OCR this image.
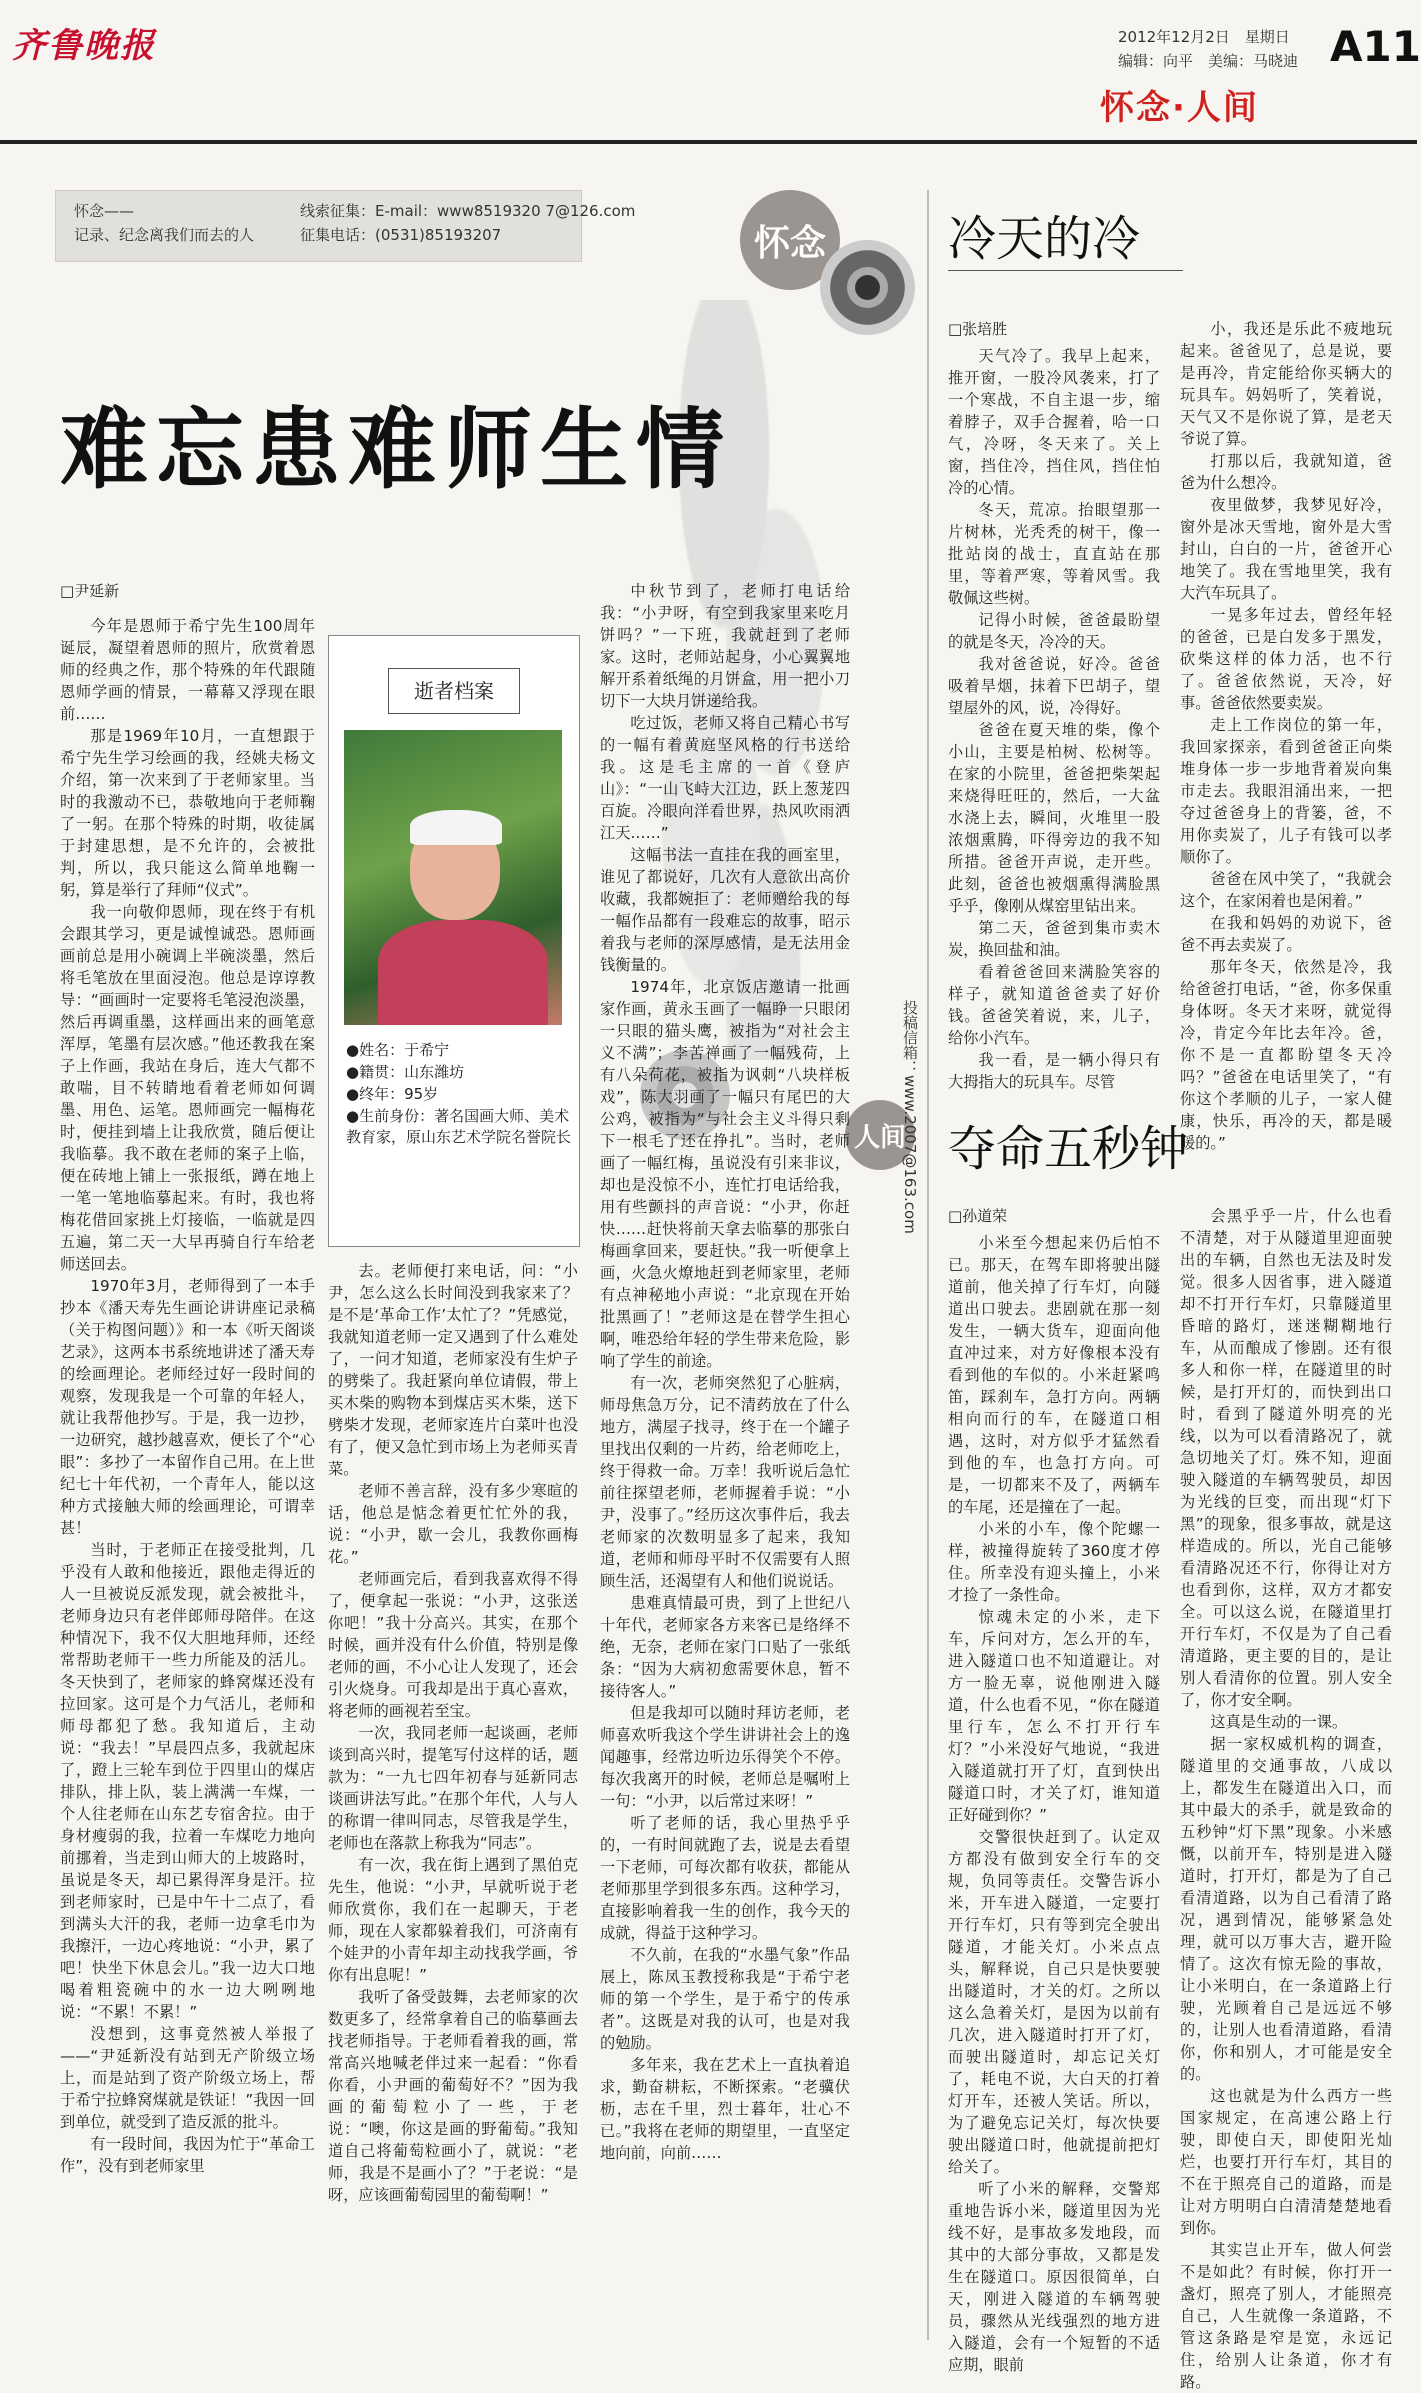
齐鲁晚报	2012年12月2日　星期日
编辑：向平　美编：马晓迪 A11
怀念·人间
怀念——
记录、纪念离我们而去的人
线索征集：E-mail：www8519320 7@126.com
征集电话：(0531)85193207	怀念
人间
投稿信箱：www.2007@163.com
难忘患难师生情
□尹延新

今年是恩师于希宁先生100周年诞辰，凝望着恩师的照片，欣赏着恩师的经典之作，那个特殊的年代跟随恩师学画的情景，一幕幕又浮现在眼前……

那是1969年10月，一直想跟于希宁先生学习绘画的我，经姚夫杨文介绍，第一次来到了于老师家里。当时的我激动不已，恭敬地向于老师鞠了一躬。在那个特殊的时期，收徒属于封建思想，是不允许的，会被批判，所以，我只能这么简单地鞠一躬，算是举行了拜师“仪式”。

我一向敬仰恩师，现在终于有机会跟其学习，更是诚惶诚恐。恩师画画前总是用小碗调上半碗淡墨，然后将毛笔放在里面浸泡。他总是谆谆教导：“画画时一定要将毛笔浸泡淡墨，然后再调重墨，这样画出来的画笔意浑厚，笔墨有层次感。”他还教我在案子上作画，我站在身后，连大气都不敢喘，目不转睛地看着老师如何调墨、用色、运笔。恩师画完一幅梅花时，便挂到墙上让我欣赏，随后便让我临摹。我不敢在老师的案子上临，便在砖地上铺上一张报纸，蹲在地上一笔一笔地临摹起来。有时，我也将梅花借回家挑上灯接临，一临就是四五遍，第二天一大早再骑自行车给老师送回去。

1970年3月，老师得到了一本手抄本《潘天寿先生画论讲讲座记录稿（关于构图问题）》和一本《听天阁谈艺录》，这两本书系统地讲述了潘天寿的绘画理论。老师经过好一段时间的观察，发现我是一个可靠的年轻人，就让我帮他抄写。于是，我一边抄，一边研究，越抄越喜欢，便长了个“心眼”：多抄了一本留作自己用。在上世纪七十年代初，一个青年人，能以这种方式接触大师的绘画理论，可谓幸甚！

当时，于老师正在接受批判，几乎没有人敢和他接近，跟他走得近的人一旦被说反派发现，就会被批斗，老师身边只有老伴郎师母陪伴。在这种情况下，我不仅大胆地拜师，还经常帮助老师干一些力所能及的活儿。冬天快到了，老师家的蜂窝煤还没有拉回家。这可是个力气活儿，老师和师母都犯了愁。我知道后，主动说：“我去！”早晨四点多，我就起床了，蹬上三轮车到位于四里山的煤店排队，排上队，装上满满一车煤，一个人往老师在山东艺专宿舍拉。由于身材瘦弱的我，拉着一车煤吃力地向前挪着，当走到山师大的上坡路时，虽说是冬天，却已累得浑身是汗。拉到老师家时，已是中午十二点了，看到满头大汗的我，老师一边拿毛巾为我擦汗，一边心疼地说：“小尹，累了吧！快坐下休息会儿。”我一边大口地喝着粗瓷碗中的水一边大咧咧地说：“不累！不累！”

没想到，这事竟然被人举报了——“尹延新没有站到无产阶级立场上，而是站到了资产阶级立场上，帮于希宁拉蜂窝煤就是铁证！”我因一回到单位，就受到了造反派的批斗。

有一段时间，我因为忙于“革命工作”，没有到老师家里

逝者档案
●姓名：于希宁
●籍贯：山东潍坊
●终年：95岁
●生前身份：著名国画大师、美术教育家，原山东艺术学院名誉院长

去。老师便打来电话，问：“小尹，怎么这么长时间没到我家来了？是不是‘革命工作’太忙了？”凭感觉，我就知道老师一定又遇到了什么难处了，一问才知道，老师家没有生炉子的劈柴了。我赶紧向单位请假，带上买木柴的购物本到煤店买木柴，送下劈柴才发现，老师家连片白菜叶也没有了，便又急忙到市场上为老师买青菜。

老师不善言辞，没有多少寒暄的话，他总是惦念着更忙忙外的我，说：“小尹，歇一会儿，我教你画梅花。”

老师画完后，看到我喜欢得不得了，便拿起一张说：“小尹，这张送你吧！”我十分高兴。其实，在那个时候，画并没有什么价值，特别是像老师的画，不小心让人发现了，还会引火烧身。可我却是出于真心喜欢，将老师的画视若至宝。

一次，我同老师一起谈画，老师谈到高兴时，提笔写付这样的话，题款为：“一九七四年初春与延新同志谈画讲法写此。”在那个年代，人与人的称谓一律叫同志，尽管我是学生，老师也在落款上称我为“同志”。

有一次，我在街上遇到了黑伯克先生，他说：“小尹，早就听说于老师欣赏你，我们在一起聊天，于老师，现在人家都躲着我们，可济南有个娃尹的小青年却主动找我学画，爷你有出息呢！”

我听了备受鼓舞，去老师家的次数更多了，经常拿着自己的临摹画去找老师指导。于老师看着我的画，常常高兴地喊老伴过来一起看：“你看你看，小尹画的葡萄好不？”因为我画的葡萄粒小了一些，于老说：“噢，你这是画的野葡萄。”我知道自己将葡萄粒画小了，就说：“老师，我是不是画小了？”于老说：“是呀，应该画葡萄园里的葡萄啊！”

中秋节到了，老师打电话给我：“小尹呀，有空到我家里来吃月饼吗？”一下班，我就赶到了老师家。这时，老师站起身，小心翼翼地解开系着纸绳的月饼盒，用一把小刀切下一大块月饼递给我。

吃过饭，老师又将自己精心书写的一幅有着黄庭坚风格的行书送给我。这是毛主席的一首《登庐山》：“一山飞峙大江边，跃上葱茏四百旋。冷眼向洋看世界，热风吹雨洒江天……”

这幅书法一直挂在我的画室里，谁见了都说好，几次有人意欲出高价收藏，我都婉拒了：老师赠给我的每一幅作品都有一段难忘的故事，昭示着我与老师的深厚感情，是无法用金钱衡量的。

1974年，北京饭店邀请一批画家作画，黄永玉画了一幅睁一只眼闭一只眼的猫头鹰，被指为“对社会主义不满”；李苦禅画了一幅残荷，上有八朵荷花，被指为讽刺“八块样板戏”，陈大羽画了一幅只有尾巴的大公鸡，被指为“与社会主义斗得只剩下一根毛了还在挣扎”。当时，老师画了一幅红梅，虽说没有引来非议，却也是没惊不小，连忙打电话给我，用有些颤抖的声音说：“小尹，你赶快……赶快将前天拿去临摹的那张白梅画拿回来，要赶快。”我一听便拿上画，火急火燎地赶到老师家里，老师有点神秘地小声说：“北京现在开始批黑画了！”老师这是在替学生担心啊，唯恐给年轻的学生带来危险，影响了学生的前途。

有一次，老师突然犯了心脏病，师母焦急万分，记不清药放在了什么地方，满屋子找寻，终于在一个罐子里找出仅剩的一片药，给老师吃上，终于得救一命。万幸！我听说后急忙前往探望老师，老师握着手说：“小尹，没事了。”经历这次事件后，我去老师家的次数明显多了起来，我知道，老师和师母平时不仅需要有人照顾生活，还渴望有人和他们说说话。

患难真情最可贵，到了上世纪八十年代，老师家各方来客已是络绎不绝，无奈，老师在家门口贴了一张纸条：“因为大病初愈需要休息，暂不接待客人。”

但是我却可以随时拜访老师，老师喜欢听我这个学生讲讲社会上的逸闻趣事，经常边听边乐得笑个不停。每次我离开的时候，老师总是嘱咐上一句：“小尹，以后常过来呀！”

听了老师的话，我心里热乎乎的，一有时间就跑了去，说是去看望一下老师，可每次都有收获，都能从老师那里学到很多东西。这种学习，直接影响着我一生的创作，我今天的成就，得益于这种学习。

不久前，在我的“水墨气象”作品展上，陈凤玉教授称我是“于希宁老师的第一个学生，是于希宁的传承者”。这既是对我的认可，也是对我的勉励。

多年来，我在艺术上一直执着追求，勤奋耕耘，不断探索。“老骥伏枥，志在千里，烈士暮年，壮心不已。”我将在老师的期望里，一直坚定地向前，向前……

冷天的冷
□张培胜

天气冷了。我早上起来，推开窗，一股冷风袭来，打了一个寒战，不自主退一步，缩着脖子，双手合握着，哈一口气，冷呀，冬天来了。关上窗，挡住冷，挡住风，挡住怕冷的心情。

冬天，荒凉。抬眼望那一片树林，光秃秃的树干，像一批站岗的战士，直直站在那里，等着严寒，等着风雪。我敬佩这些树。

记得小时候，爸爸最盼望的就是冬天，冷冷的天。

我对爸爸说，好冷。爸爸吸着旱烟，抹着下巴胡子，望望屋外的风，说，冷得好。

爸爸在夏天堆的柴，像个小山，主要是柏树、松树等。在家的小院里，爸爸把柴架起来烧得旺旺的，然后，一大盆水浇上去，瞬间，火堆里一股浓烟熏腾，吓得旁边的我不知所措。爸爸开声说，走开些。此刻，爸爸也被烟熏得满脸黑乎乎，像刚从煤窑里钻出来。

第二天，爸爸到集市卖木炭，换回盐和油。

看着爸爸回来满脸笑容的样子，就知道爸爸卖了好价钱。爸爸笑着说，来，儿子，给你小汽车。

我一看，是一辆小得只有大拇指大的玩具车。尽管

小，我还是乐此不疲地玩起来。爸爸见了，总是说，要是再冷，肯定能给你买辆大的玩具车。妈妈听了，笑着说，天气又不是你说了算，是老天爷说了算。

打那以后，我就知道，爸爸为什么想冷。

夜里做梦，我梦见好冷，窗外是冰天雪地，窗外是大雪封山，白白的一片，爸爸开心地笑了。我在雪地里笑，我有大汽车玩具了。

一晃多年过去，曾经年轻的爸爸，已是白发多于黑发，砍柴这样的体力活，也不行了。爸爸依然说，天冷，好事。爸爸依然要卖炭。

走上工作岗位的第一年，我回家探亲，看到爸爸正向柴堆身体一步一步地背着炭向集市走去。我眼泪涌出来，一把夺过爸爸身上的背篓，爸，不用你卖炭了，儿子有钱可以孝顺你了。

爸爸在风中笑了，“我就会这个，在家闲着也是闲着。”

在我和妈妈的劝说下，爸爸不再去卖炭了。

那年冬天，依然是冷，我给爸爸打电话，“爸，你多保重身体呀。冬天才来呀，就觉得冷，肯定今年比去年冷。爸，你不是一直都盼望冬天冷吗？”爸爸在电话里笑了，“有你这个孝顺的儿子，一家人健康，快乐，再冷的天，都是暖暖的。”

夺命五秒钟
□孙道荣

小米至今想起来仍后怕不已。那天，在驾车即将驶出隧道前，他关掉了行车灯，向隧道出口驶去。悲剧就在那一刻发生，一辆大货车，迎面向他直冲过来，对方好像根本没有看到他的车似的。小米赶紧鸣笛，踩刹车，急打方向。两辆相向而行的车，在隧道口相遇，这时，对方似乎才猛然看到他的车，也急打方向。可是，一切都来不及了，两辆车的车尾，还是撞在了一起。

小米的小车，像个陀螺一样，被撞得旋转了360度才停住。所幸没有迎头撞上，小米才捡了一条性命。

惊魂未定的小米，走下车，斥问对方，怎么开的车，进入隧道口也不知道避让。对方一脸无辜，说他刚进入隧道，什么也看不见，“你在隧道里行车，怎么不打开行车灯？”小米没好气地说，“我进入隧道就打开了灯，直到快出隧道口时，才关了灯，谁知道正好碰到你？”

交警很快赶到了。认定双方都没有做到安全行车的交规，负同等责任。交警告诉小米，开车进入隧道，一定要打开行车灯，只有等到完全驶出隧道，才能关灯。小米点点头，解释说，自己只是快要驶出隧道时，才关的灯。之所以这么急着关灯，是因为以前有几次，进入隧道时打开了灯，而驶出隧道时，却忘记关灯了，耗电不说，大白天的打着灯开车，还被人笑话。所以，为了避免忘记关灯，每次快要驶出隧道口时，他就提前把灯给关了。

听了小米的解释，交警郑重地告诉小米，隧道里因为光线不好，是事故多发地段，而其中的大部分事故，又都是发生在隧道口。原因很简单，白天，刚进入隧道的车辆驾驶员，骤然从光线强烈的地方进入隧道，会有一个短暂的不适应期，眼前

会黑乎乎一片，什么也看不清楚，对于从隧道里迎面驶出的车辆，自然也无法及时发觉。很多人因省事，进入隧道却不打开行车灯，只靠隧道里昏暗的路灯，迷迷糊糊地行车，从而酿成了惨剧。还有很多人和你一样，在隧道里的时候，是打开灯的，而快到出口时，看到了隧道外明亮的光线，以为可以看清路况了，就急切地关了灯。殊不知，迎面驶入隧道的车辆驾驶员，却因为光线的巨变，而出现“灯下黑”的现象，很多事故，就是这样造成的。所以，光自己能够看清路况还不行，你得让对方也看到你，这样，双方才都安全。可以这么说，在隧道里打开行车灯，不仅是为了自己看清道路，更主要的目的，是让别人看清你的位置。别人安全了，你才安全啊。

这真是生动的一课。

据一家权威机构的调查，隧道里的交通事故，八成以上，都发生在隧道出入口，而其中最大的杀手，就是致命的五秒钟“灯下黑”现象。小米感慨，以前开车，特别是进入隧道时，打开灯，都是为了自己看清道路，以为自己看清了路况，遇到情况，能够紧急处理，就可以万事大吉，避开险情了。这次有惊无险的事故，让小米明白，在一条道路上行驶，光顾着自己是远远不够的，让别人也看清道路，看清你，你和别人，才可能是安全的。

这也就是为什么西方一些国家规定，在高速公路上行驶，即使白天，即使阳光灿烂，也要打开行车灯，其目的不在于照亮自己的道路，而是让对方明明白白清清楚楚地看到你。

其实岂止开车，做人何尝不是如此？有时候，你打开一盏灯，照亮了别人，才能照亮自己，人生就像一条道路，不管这条路是窄是宽，永远记住，给别人让条道，你才有路。
